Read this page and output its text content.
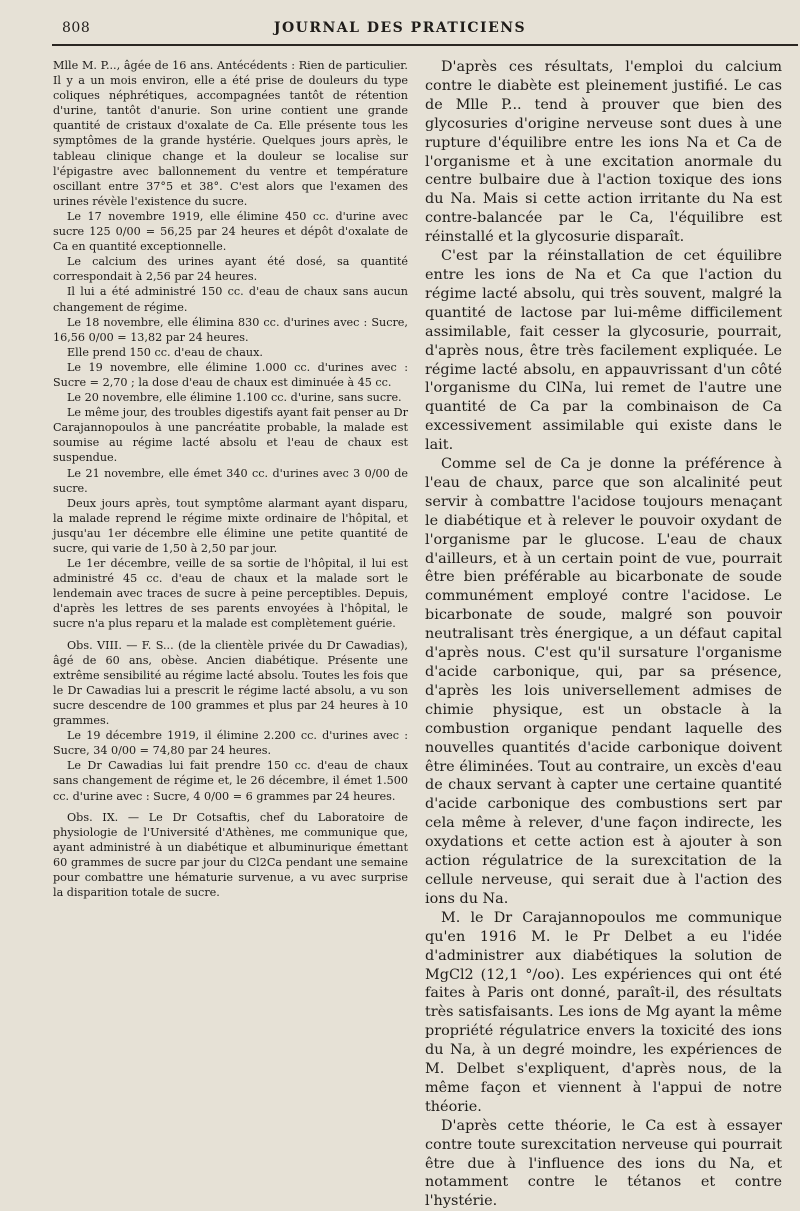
808	JOURNAL DES PRATICIENS

Mlle M. P..., âgée de 16 ans. Antécédents : Rien de particulier. Il y a un mois environ, elle a été prise de douleurs du type coliques néphrétiques, accompagnées tantôt de rétention d'urine, tantôt d'anurie. Son urine contient une grande quantité de cristaux d'oxalate de Ca. Elle présente tous les symptômes de la grande hystérie. Quelques jours après, le tableau clinique change et la douleur se localise sur l'épigastre avec ballonnement du ventre et température oscillant entre 37°5 et 38°. C'est alors que l'examen des urines révèle l'existence du sucre.

Le 17 novembre 1919, elle élimine 450 cc. d'urine avec sucre 125 0/00 = 56,25 par 24 heures et dépôt d'oxalate de Ca en quantité exceptionnelle.

Le calcium des urines ayant été dosé, sa quantité correspondait à 2,56 par 24 heures.

Il lui a été administré 150 cc. d'eau de chaux sans aucun changement de régime.

Le 18 novembre, elle élimina 830 cc. d'urines avec : Sucre, 16,56 0/00 = 13,82 par 24 heures.

Elle prend 150 cc. d'eau de chaux.

Le 19 novembre, elle élimine 1.000 cc. d'urines avec : Sucre = 2,70 ; la dose d'eau de chaux est diminuée à 45 cc.

Le 20 novembre, elle élimine 1.100 cc. d'urine, sans sucre.

Le même jour, des troubles digestifs ayant fait penser au Dr Carajannopoulos à une pancréatite probable, la malade est soumise au régime lacté absolu et l'eau de chaux est suspendue.

Le 21 novembre, elle émet 340 cc. d'urines avec 3 0/00 de sucre.

Deux jours après, tout symptôme alarmant ayant disparu, la malade reprend le régime mixte ordinaire de l'hôpital, et jusqu'au 1er décembre elle élimine une petite quantité de sucre, qui varie de 1,50 à 2,50 par jour.

Le 1er décembre, veille de sa sortie de l'hôpital, il lui est administré 45 cc. d'eau de chaux et la malade sort le lendemain avec traces de sucre à peine perceptibles. Depuis, d'après les lettres de ses parents envoyées à l'hôpital, le sucre n'a plus reparu et la malade est complètement guérie.

Obs. VIII. — F. S... (de la clientèle privée du Dr Cawadias), âgé de 60 ans, obèse. Ancien diabétique. Présente une extrême sensibilité au régime lacté absolu. Toutes les fois que le Dr Cawadias lui a prescrit le régime lacté absolu, a vu son sucre descendre de 100 grammes et plus par 24 heures à 10 grammes.

Le 19 décembre 1919, il élimine 2.200 cc. d'urines avec : Sucre, 34 0/00 = 74,80 par 24 heures.

Le Dr Cawadias lui fait prendre 150 cc. d'eau de chaux sans changement de régime et, le 26 décembre, il émet 1.500 cc. d'urine avec : Sucre, 4 0/00 = 6 grammes par 24 heures.

Obs. IX. — Le Dr Cotsaftis, chef du Laboratoire de physiologie de l'Université d'Athènes, me communique que, ayant administré à un diabétique et albuminurique émettant 60 grammes de sucre par jour du Cl2Ca pendant une semaine pour combattre une hématurie survenue, a vu avec surprise la disparition totale de sucre.

D'après ces résultats, l'emploi du calcium contre le diabète est pleinement justifié. Le cas de Mlle P... tend à prouver que bien des glycosuries d'origine nerveuse sont dues à une rupture d'équilibre entre les ions Na et Ca de l'organisme et à une excitation anormale du centre bulbaire due à l'action toxique des ions du Na. Mais si cette action irritante du Na est contre-balancée par le Ca, l'équilibre est réinstallé et la glycosurie disparaît.

C'est par la réinstallation de cet équilibre entre les ions de Na et Ca que l'action du régime lacté absolu, qui très souvent, malgré la quantité de lactose par lui-même difficilement assimilable, fait cesser la glycosurie, pourrait, d'après nous, être très facilement expliquée. Le régime lacté absolu, en appauvrissant d'un côté l'organisme du ClNa, lui remet de l'autre une quantité de Ca par la combinaison de Ca excessivement assimilable qui existe dans le lait.

Comme sel de Ca je donne la préférence à l'eau de chaux, parce que son alcalinité peut servir à combattre l'acidose toujours menaçant le diabétique et à relever le pouvoir oxydant de l'organisme par le glucose. L'eau de chaux d'ailleurs, et à un certain point de vue, pourrait être bien préférable au bicarbonate de soude communément employé contre l'acidose. Le bicarbonate de soude, malgré son pouvoir neutralisant très énergique, a un défaut capital d'après nous. C'est qu'il sursature l'organisme d'acide carbonique, qui, par sa présence, d'après les lois universellement admises de chimie physique, est un obstacle à la combustion organique pendant laquelle des nouvelles quantités d'acide carbonique doivent être éliminées. Tout au contraire, un excès d'eau de chaux servant à capter une certaine quantité d'acide carbonique des combustions sert par cela même à relever, d'une façon indirecte, les oxydations et cette action est à ajouter à son action régulatrice de la surexcitation de la cellule nerveuse, qui serait due à l'action des ions du Na.

M. le Dr Carajannopoulos me communique qu'en 1916 M. le Pr Delbet a eu l'idée d'administrer aux diabétiques la solution de MgCl2 (12,1 °/oo). Les expériences qui ont été faites à Paris ont donné, paraît-il, des résultats très satisfaisants. Les ions de Mg ayant la même propriété régulatrice envers la toxicité des ions du Na, à un degré moindre, les expériences de M. Delbet s'expliquent, d'après nous, de la même façon et viennent à l'appui de notre théorie.

D'après cette théorie, le Ca est à essayer contre toute surexcitation nerveuse qui pourrait être due à l'influence des ions du Na, et notamment contre le tétanos et contre l'hystérie.
